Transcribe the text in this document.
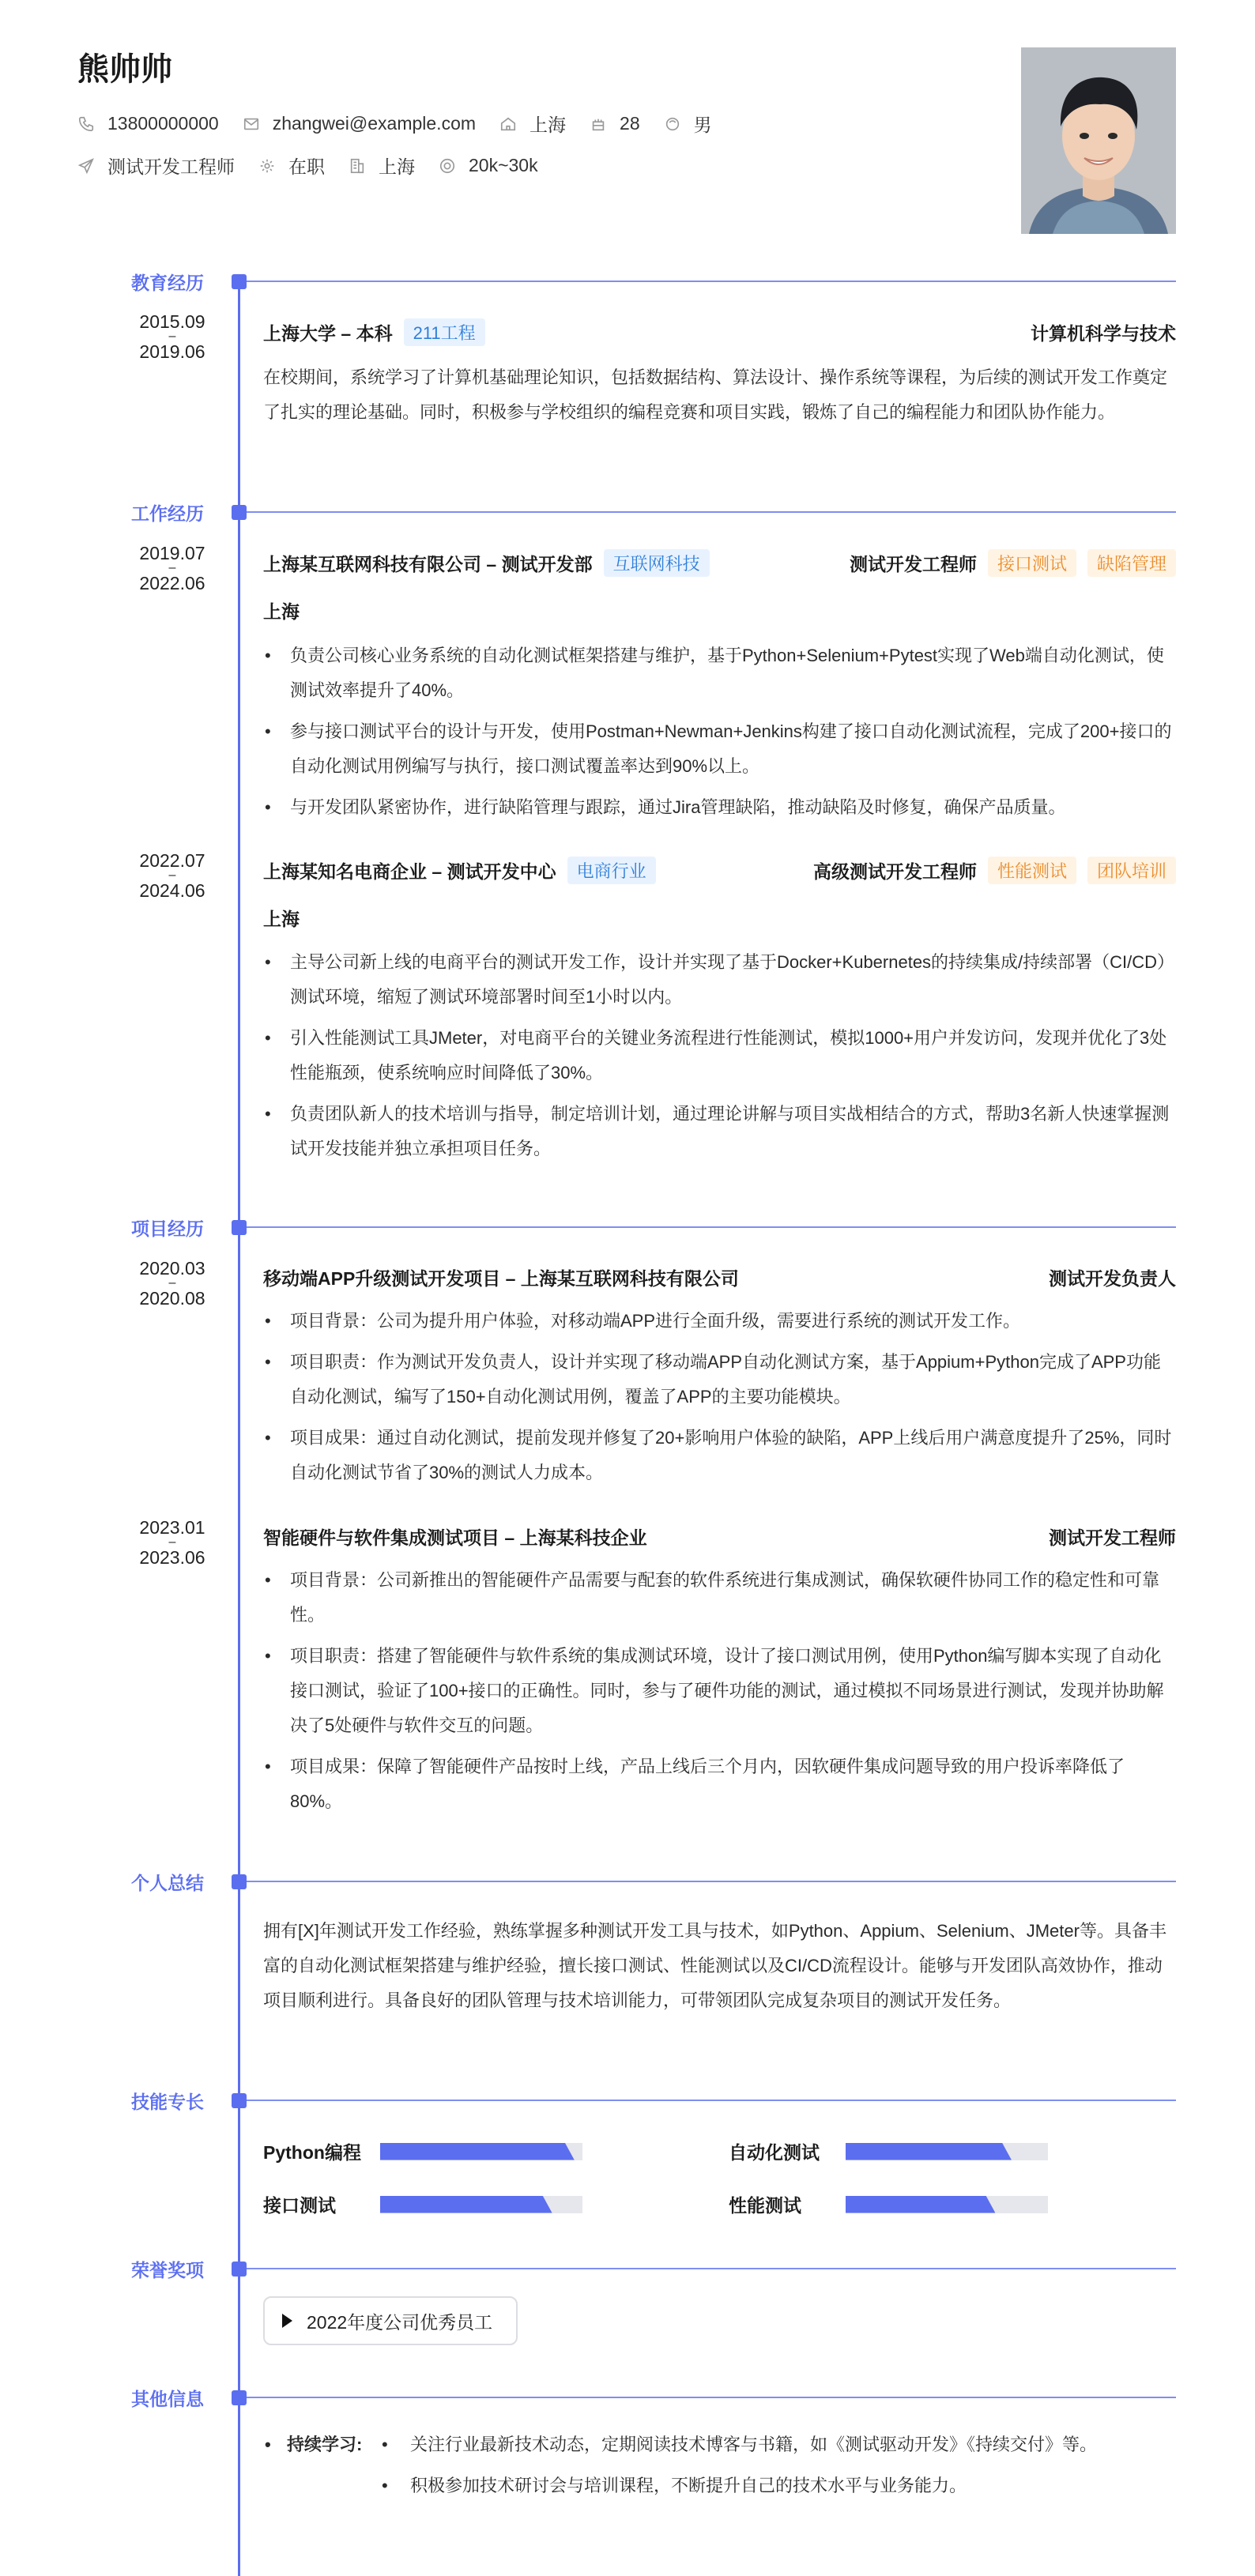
熊帅帅
13800000000	zhangwei@example.com	上海	28	男
测试开发工程师	在职	上海	20k~30k
教育经历
2015.09
–
2019.06
上海大学 – 本科	211工程	计算机科学与技术
在校期间，系统学习了计算机基础理论知识，包括数据结构、算法设计、操作系统等课程，为后续的测试开发工作奠定了扎实的理论基础。同时，积极参与学校组织的编程竞赛和项目实践，锻炼了自己的编程能力和团队协作能力。
工作经历
2019.07
–
2022.06
上海某互联网科技有限公司 – 测试开发部	互联网科技	测试开发工程师	接口测试	缺陷管理
上海
• 负责公司核心业务系统的自动化测试框架搭建与维护，基于Python+Selenium+Pytest实现了Web端自动化测试，使测试效率提升了40%。
• 参与接口测试平台的设计与开发，使用Postman+Newman+Jenkins构建了接口自动化测试流程，完成了200+接口的自动化测试用例编写与执行，接口测试覆盖率达到90%以上。
• 与开发团队紧密协作，进行缺陷管理与跟踪，通过Jira管理缺陷，推动缺陷及时修复，确保产品质量。
2022.07
–
2024.06
上海某知名电商企业 – 测试开发中心	电商行业	高级测试开发工程师	性能测试	团队培训
上海
• 主导公司新上线的电商平台的测试开发工作，设计并实现了基于Docker+Kubernetes的持续集成/持续部署（CI/CD）测试环境，缩短了测试环境部署时间至1小时以内。
• 引入性能测试工具JMeter，对电商平台的关键业务流程进行性能测试，模拟1000+用户并发访问，发现并优化了3处性能瓶颈，使系统响应时间降低了30%。
• 负责团队新人的技术培训与指导，制定培训计划，通过理论讲解与项目实战相结合的方式，帮助3名新人快速掌握测试开发技能并独立承担项目任务。
项目经历
2020.03
–
2020.08
移动端APP升级测试开发项目 – 上海某互联网科技有限公司	测试开发负责人
• 项目背景：公司为提升用户体验，对移动端APP进行全面升级，需要进行系统的测试开发工作。
• 项目职责：作为测试开发负责人，设计并实现了移动端APP自动化测试方案，基于Appium+Python完成了APP功能自动化测试，编写了150+自动化测试用例，覆盖了APP的主要功能模块。
• 项目成果：通过自动化测试，提前发现并修复了20+影响用户体验的缺陷，APP上线后用户满意度提升了25%，同时自动化测试节省了30%的测试人力成本。
2023.01
–
2023.06
智能硬件与软件集成测试项目 – 上海某科技企业	测试开发工程师
• 项目背景：公司新推出的智能硬件产品需要与配套的软件系统进行集成测试，确保软硬件协同工作的稳定性和可靠性。
• 项目职责：搭建了智能硬件与软件系统的集成测试环境，设计了接口测试用例，使用Python编写脚本实现了自动化接口测试，验证了100+接口的正确性。同时，参与了硬件功能的测试，通过模拟不同场景进行测试，发现并协助解决了5处硬件与软件交互的问题。
• 项目成果：保障了智能硬件产品按时上线，产品上线后三个月内，因软硬件集成问题导致的用户投诉率降低了80%。
个人总结
拥有[X]年测试开发工作经验，熟练掌握多种测试开发工具与技术，如Python、Appium、Selenium、JMeter等。具备丰富的自动化测试框架搭建与维护经验，擅长接口测试、性能测试以及CI/CD流程设计。能够与开发团队高效协作，推动项目顺利进行。具备良好的团队管理与技术培训能力，可带领团队完成复杂项目的测试开发任务。
技能专长
Python编程	自动化测试
接口测试	性能测试
荣誉奖项
2022年度公司优秀员工
其他信息
• 持续学习:
•	关注行业最新技术动态，定期阅读技术博客与书籍，如《测试驱动开发》《持续交付》等。
• 积极参加技术研讨会与培训课程，不断提升自己的技术水平与业务能力。
